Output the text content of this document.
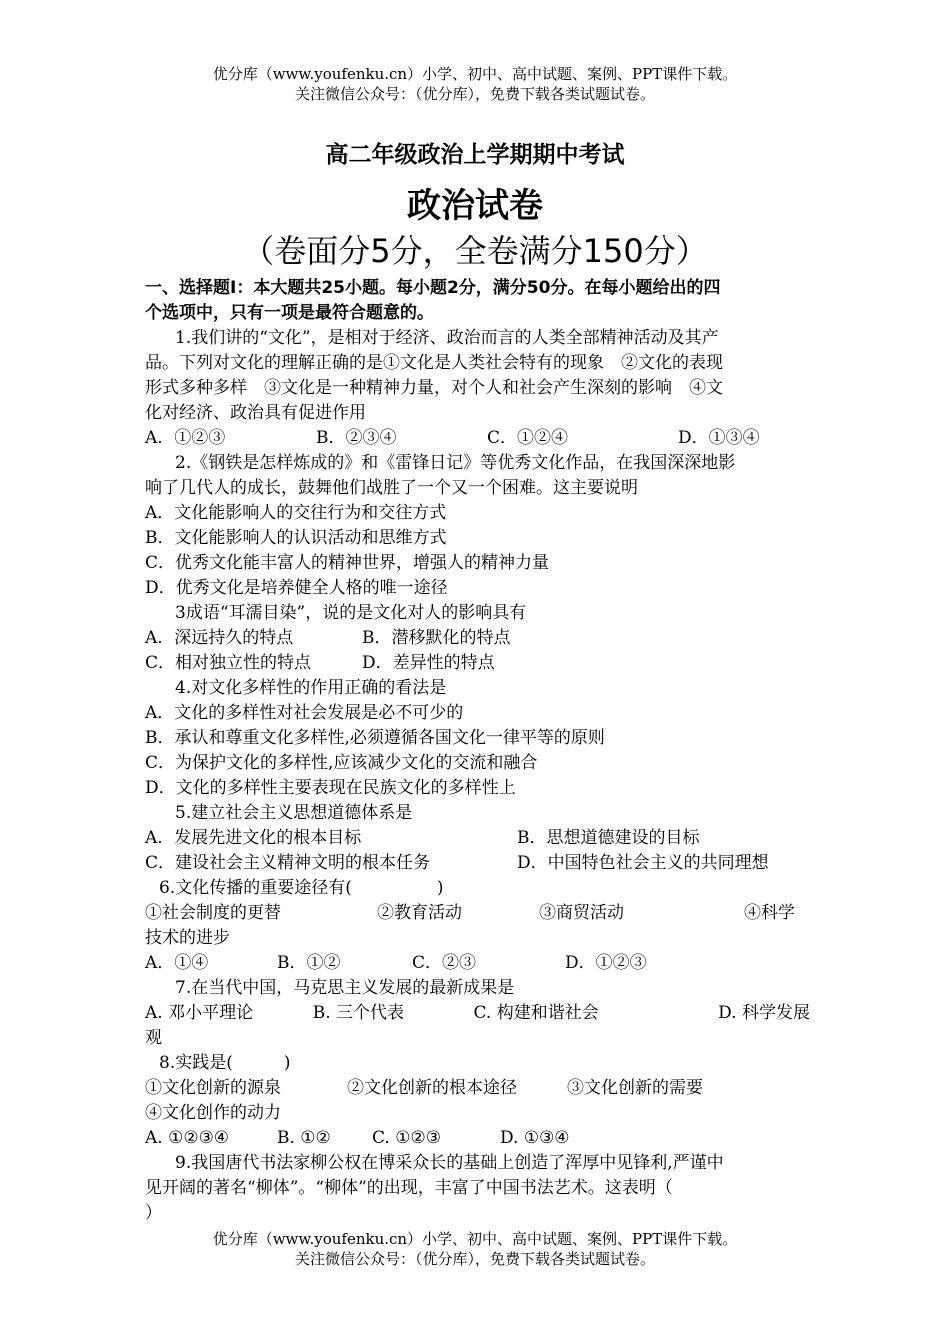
优分库（www.youfenku.cn）小学、初中、高中试题、案例、PPT课件下载。
关注微信公众号：（优分库），免费下载各类试题试卷。
高二年级政治上学期期中考试
政治试卷
（卷面分5分，全卷满分150分）
一、选择题Ⅰ：本大题共25小题。每小题2分，满分50分。在每小题给出的四
个选项中，只有一项是最符合题意的。
1.我们讲的“文化”，是相对于经济、政治而言的人类全部精神活动及其产
品。下列对文化的理解正确的是①文化是人类社会特有的现象　②文化的表现
形式多种多样　③文化是一种精神力量，对个人和社会产生深刻的影响　④文
化对经济、政治具有促进作用
A．①②③	B．②③④	C．①②④	D．①③④
2.《钢铁是怎样炼成的》和《雷锋日记》等优秀文化作品，在我国深深地影
响了几代人的成长，鼓舞他们战胜了一个又一个困难。这主要说明
A．文化能影响人的交往行为和交往方式
B．文化能影响人的认识活动和思维方式
C．优秀文化能丰富人的精神世界，增强人的精神力量
D．优秀文化是培养健全人格的唯一途径
3成语“耳濡目染”，说的是文化对人的影响具有
A．深远持久的特点	B．潜移默化的特点
C．相对独立性的特点	D．差异性的特点
4.对文化多样性的作用正确的看法是
A．文化的多样性对社会发展是必不可少的
B．承认和尊重文化多样性,必须遵循各国文化一律平等的原则
C．为保护文化的多样性,应该减少文化的交流和融合
D．文化的多样性主要表现在民族文化的多样性上
5.建立社会主义思想道德体系是
A．发展先进文化的根本目标	B．思想道德建设的目标
C．建设社会主义精神文明的根本任务	D．中国特色社会主义的共同理想
6.文化传播的重要途径有(　　　　　)
①社会制度的更替	②教育活动	③商贸活动	④科学
技术的进步
A．①④	B．①②	C．②③	D．①②③
7.在当代中国，马克思主义发展的最新成果是
A. 邓小平理论	B. 三个代表	C. 构建和谐社会	D. 科学发展
观
8.实践是(　　　)
①文化创新的源泉	②文化创新的根本途径	③文化创新的需要
④文化创作的动力
A. ①②③④	B. ①②	C. ①②③	D. ①③④
9.我国唐代书法家柳公权在博采众长的基础上创造了浑厚中见锋利,严谨中
见开阔的著名“柳体”。“柳体”的出现，丰富了中国书法艺术。这表明（
）
优分库（www.youfenku.cn）小学、初中、高中试题、案例、PPT课件下载。
关注微信公众号：（优分库），免费下载各类试题试卷。
